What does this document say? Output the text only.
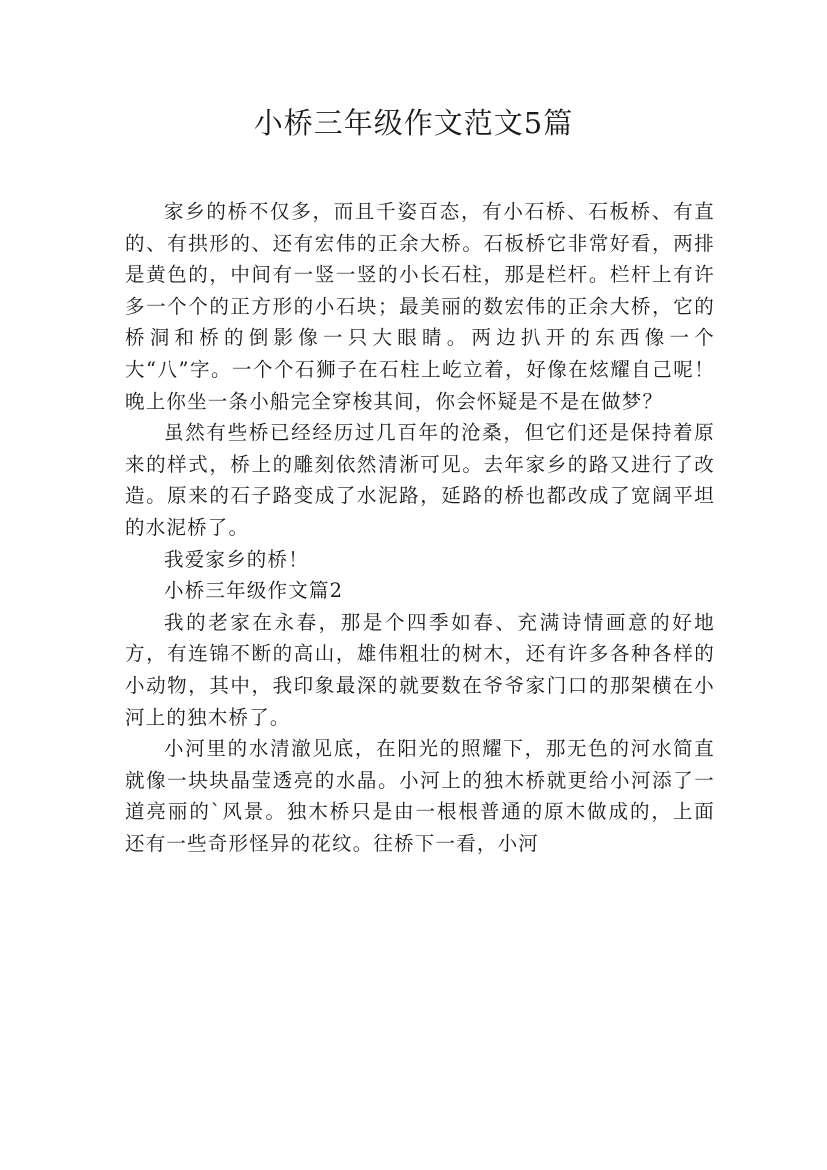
小桥三年级作文范文5篇

家乡的桥不仅多，而且千姿百态，有小石桥、石板桥、有直的、有拱形的、还有宏伟的正余大桥。石板桥它非常好看，两排是黄色的，中间有一竖一竖的小长石柱，那是栏杆。栏杆上有许多一个个的正方形的小石块；最美丽的数宏伟的正余大桥，它的桥洞和桥的倒影像一只大眼睛。两边扒开的东西像一个大“八”字。一个个石狮子在石柱上屹立着，好像在炫耀自己呢！晚上你坐一条小船完全穿梭其间，你会怀疑是不是在做梦？

虽然有些桥已经经历过几百年的沧桑，但它们还是保持着原来的样式，桥上的雕刻依然清淅可见。去年家乡的路又进行了改造。原来的石子路变成了水泥路，延路的桥也都改成了宽阔平坦的水泥桥了。

我爱家乡的桥！

小桥三年级作文篇2

我的老家在永春，那是个四季如春、充满诗情画意的好地方，有连锦不断的高山，雄伟粗壮的树木，还有许多各种各样的小动物，其中，我印象最深的就要数在爷爷家门口的那架横在小河上的独木桥了。

小河里的水清澈见底，在阳光的照耀下，那无色的河水简直就像一块块晶莹透亮的水晶。小河上的独木桥就更给小河添了一道亮丽的`风景。独木桥只是由一根根普通的原木做成的，上面还有一些奇形怪异的花纹。往桥下一看，小河
